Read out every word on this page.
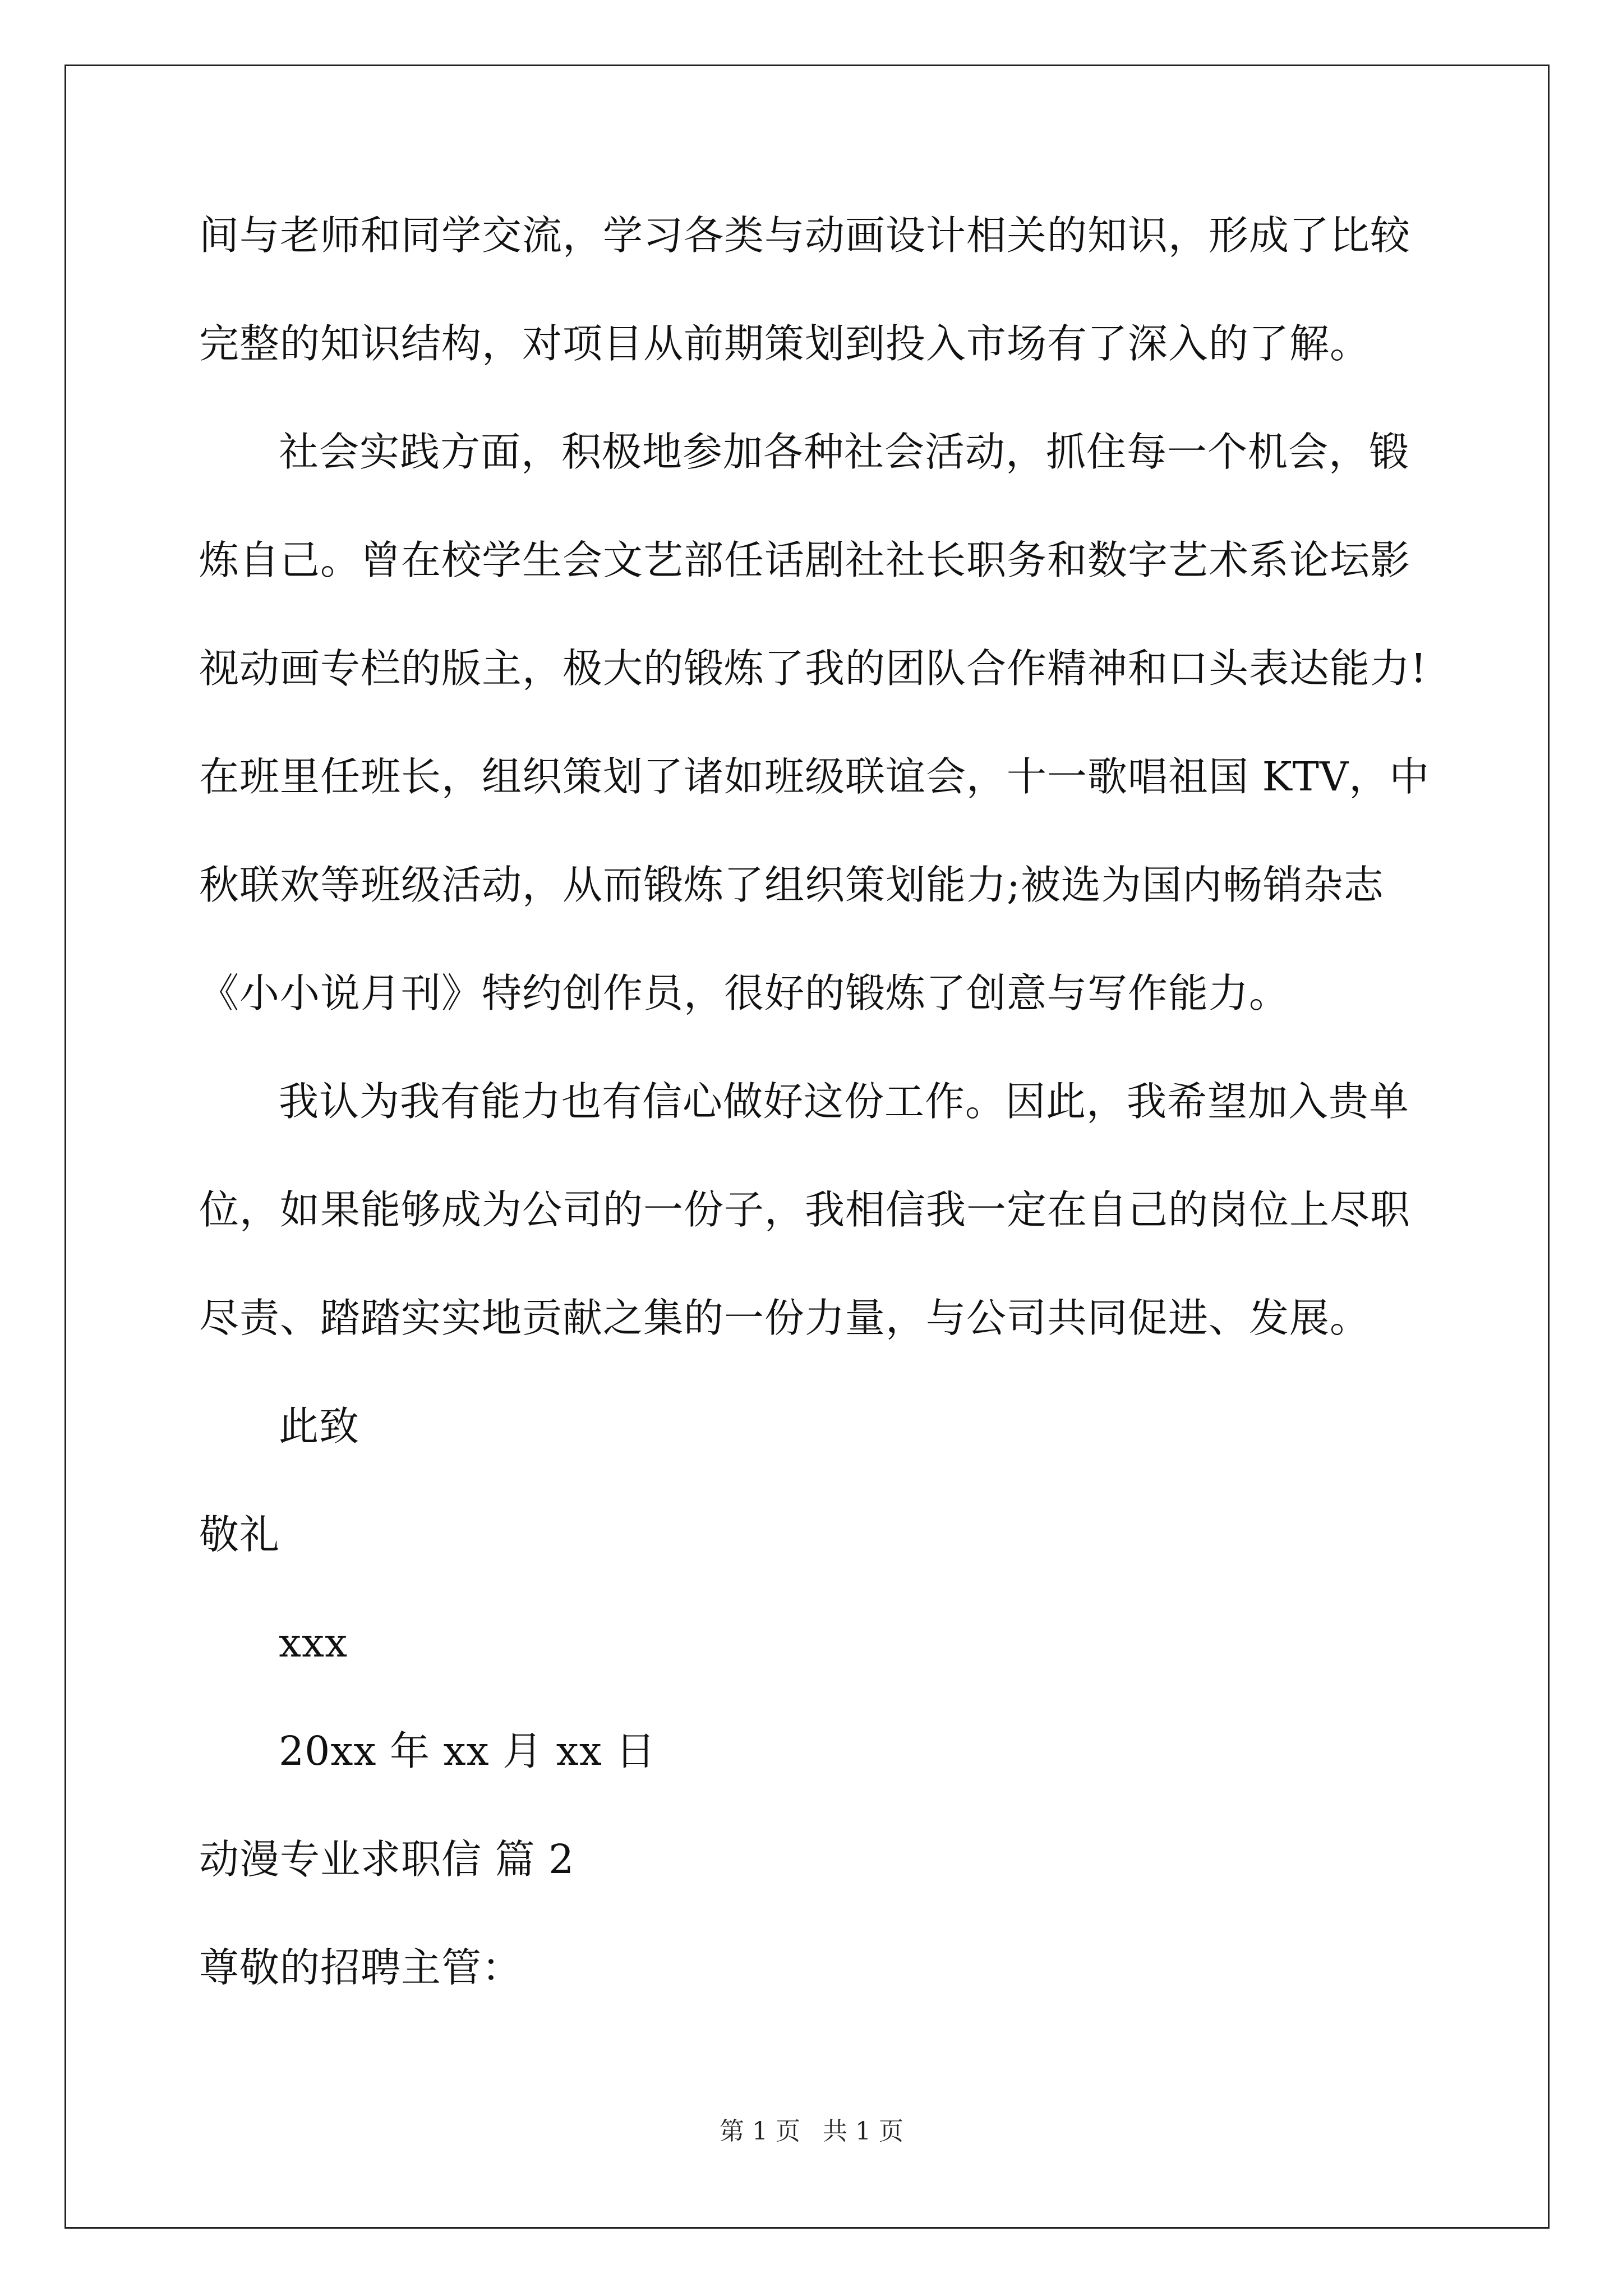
间与老师和同学交流，学习各类与动画设计相关的知识，形成了比较
完整的知识结构，对项目从前期策划到投入市场有了深入的了解。
社会实践方面，积极地参加各种社会活动，抓住每一个机会，锻
炼自己。曾在校学生会文艺部任话剧社社长职务和数字艺术系论坛影
视动画专栏的版主，极大的锻炼了我的团队合作精神和口头表达能力!
在班里任班长，组织策划了诸如班级联谊会，十一歌唱祖国 KTV，中
秋联欢等班级活动，从而锻炼了组织策划能力;被选为国内畅销杂志
《小小说月刊》特约创作员，很好的锻炼了创意与写作能力。
我认为我有能力也有信心做好这份工作。因此，我希望加入贵单
位，如果能够成为公司的一份子，我相信我一定在自己的岗位上尽职
尽责、踏踏实实地贡献之集的一份力量，与公司共同促进、发展。
此致
敬礼
xxx
20xx 年 xx 月 xx 日
动漫专业求职信 篇 2
尊敬的招聘主管：
第 1 页 共 1 页
